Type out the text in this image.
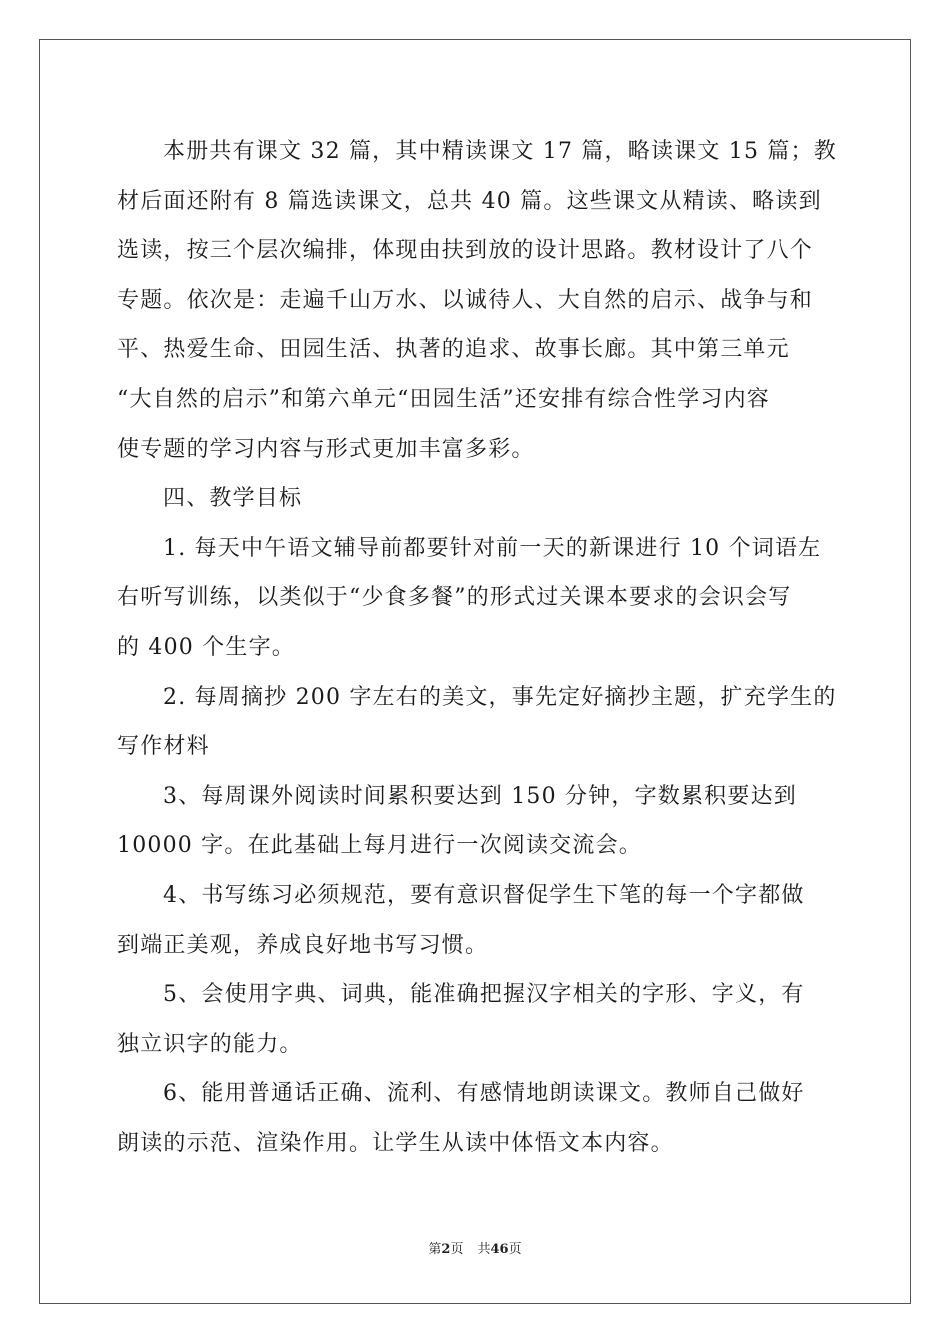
本册共有课文 32 篇，其中精读课文 17 篇，略读课文 15 篇；教
材后面还附有 8 篇选读课文，总共 40 篇。这些课文从精读、略读到
选读，按三个层次编排，体现由扶到放的设计思路。教材设计了八个
专题。依次是：走遍千山万水、以诚待人、大自然的启示、战争与和
平、热爱生命、田园生活、执著的追求、故事长廊。其中第三单元
“大自然的启示”和第六单元“田园生活”还安排有综合性学习内容
使专题的学习内容与形式更加丰富多彩。
四、教学目标
1. 每天中午语文辅导前都要针对前一天的新课进行 10 个词语左
右听写训练，以类似于“少食多餐”的形式过关课本要求的会识会写
的 400 个生字。
2. 每周摘抄 200 字左右的美文，事先定好摘抄主题，扩充学生的
写作材料
3、每周课外阅读时间累积要达到 150 分钟，字数累积要达到
10000 字。在此基础上每月进行一次阅读交流会。
4、书写练习必须规范，要有意识督促学生下笔的每一个字都做
到端正美观，养成良好地书写习惯。
5、会使用字典、词典，能准确把握汉字相关的字形、字义，有
独立识字的能力。
6、能用普通话正确、流利、有感情地朗读课文。教师自己做好
朗读的示范、渲染作用。让学生从读中体悟文本内容。
第2页 共46页
